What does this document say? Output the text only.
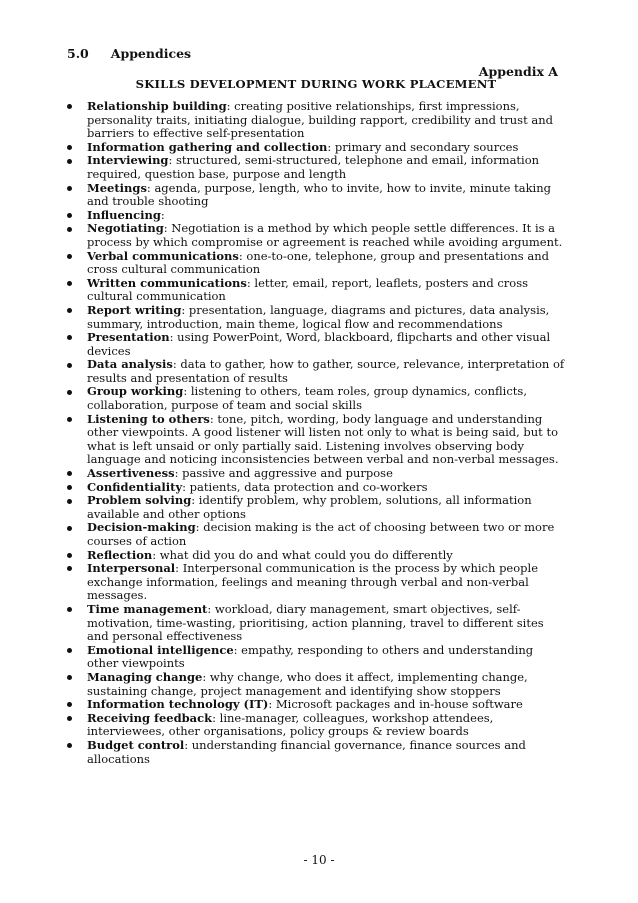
5.0 Appendices
Appendix A
SKILLS DEVELOPMENT DURING WORK PLACEMENT
Relationship building: creating positive relationships, first impressions, personality traits, initiating dialogue, building rapport, credibility and trust and barriers to effective self-presentation
Information gathering and collection: primary and secondary sources
Interviewing: structured, semi-structured, telephone and email, information required, question base, purpose and length
Meetings: agenda, purpose, length, who to invite, how to invite, minute taking and trouble shooting
Influencing:
Negotiating: Negotiation is a method by which people settle differences. It is a process by which compromise or agreement is reached while avoiding argument.
Verbal communications: one-to-one, telephone, group and presentations and cross cultural communication
Written communications: letter, email, report, leaflets, posters and cross cultural communication
Report writing: presentation, language, diagrams and pictures, data analysis, summary, introduction, main theme, logical flow and recommendations
Presentation: using PowerPoint, Word, blackboard, flipcharts and other visual devices
Data analysis: data to gather, how to gather, source, relevance, interpretation of results and presentation of results
Group working: listening to others, team roles, group dynamics, conflicts, collaboration, purpose of team and social skills
Listening to others: tone, pitch, wording, body language and understanding other viewpoints. A good listener will listen not only to what is being said, but to what is left unsaid or only partially said. Listening involves observing body language and noticing inconsistencies between verbal and non-verbal messages.
Assertiveness: passive and aggressive and purpose
Confidentiality: patients, data protection and co-workers
Problem solving: identify problem, why problem, solutions, all information available and other options
Decision-making: decision making is the act of choosing between two or more courses of action
Reflection: what did you do and what could you do differently
Interpersonal: Interpersonal communication is the process by which people exchange information, feelings and meaning through verbal and non-verbal messages.
Time management: workload, diary management, smart objectives, self-motivation, time-wasting, prioritising, action planning, travel to different sites and personal effectiveness
Emotional intelligence: empathy, responding to others and understanding other viewpoints
Managing change: why change, who does it affect, implementing change, sustaining change, project management and identifying show stoppers
Information technology (IT): Microsoft packages and in-house software
Receiving feedback: line-manager, colleagues, workshop attendees, interviewees, other organisations, policy groups & review boards
Budget control: understanding financial governance, finance sources and allocations
- 10 -
